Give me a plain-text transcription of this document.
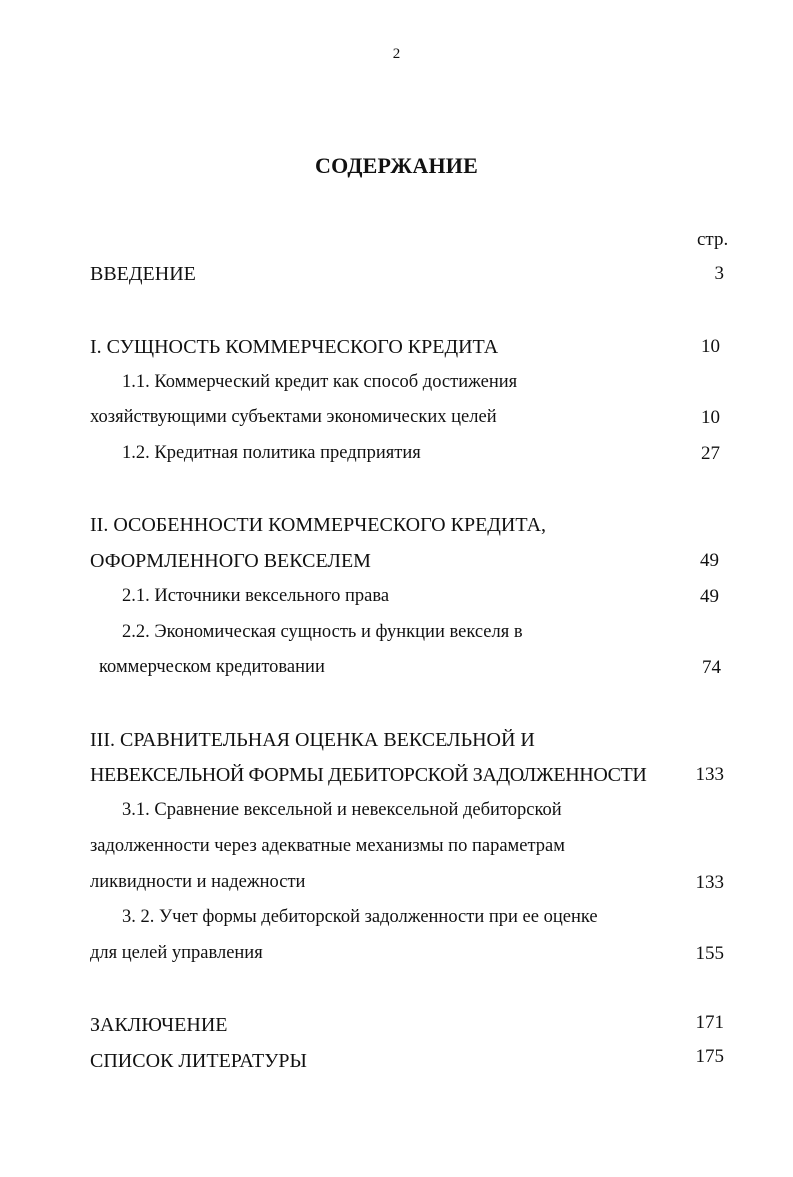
2
СОДЕРЖАНИЕ
стр.
ВВЕДЕНИЕ	3
I. СУЩНОСТЬ КОММЕРЧЕСКОГО КРЕДИТА	10
1.1. Коммерческий кредит как способ достижения
хозяйствующими субъектами экономических целей	10
1.2. Кредитная политика предприятия	27
II. ОСОБЕННОСТИ КОММЕРЧЕСКОГО КРЕДИТА,
ОФОРМЛЕННОГО ВЕКСЕЛЕМ	49
2.1. Источники вексельного права	49
2.2. Экономическая сущность и функции векселя в
коммерческом кредитовании	74
III. СРАВНИТЕЛЬНАЯ ОЦЕНКА ВЕКСЕЛЬНОЙ И
НЕВЕКСЕЛЬНОЙ ФОРМЫ ДЕБИТОРСКОЙ ЗАДОЛЖЕННОСТИ	133
3.1. Сравнение вексельной и невексельной дебиторской
задолженности через адекватные механизмы по параметрам
ликвидности и надежности	133
3. 2. Учет формы дебиторской задолженности при ее оценке
для целей управления	155
ЗАКЛЮЧЕНИЕ	171
СПИСОК ЛИТЕРАТУРЫ	175
